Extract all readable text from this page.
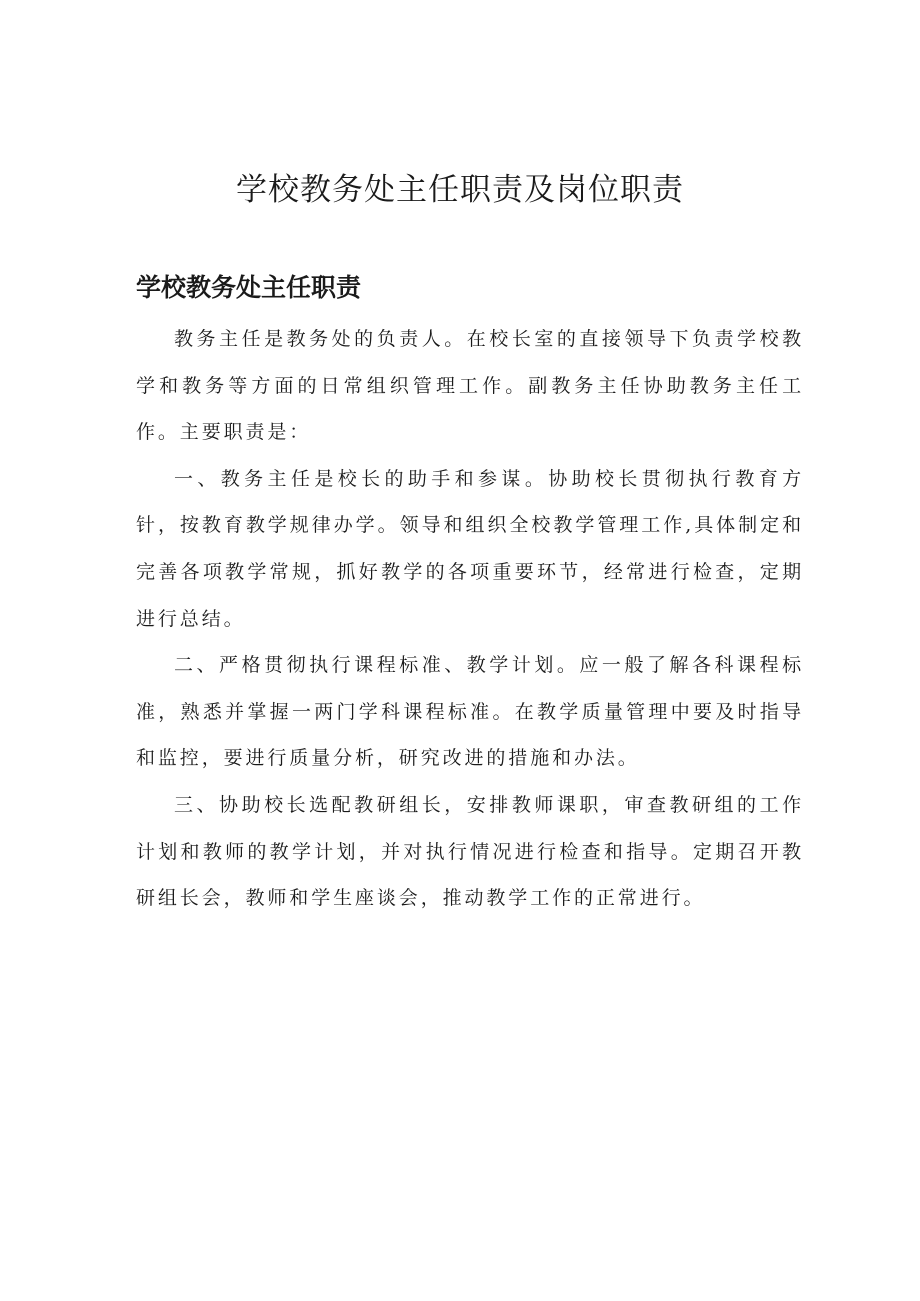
学校教务处主任职责及岗位职责
学校教务处主任职责

教务主任是教务处的负责人。在校长室的直接领导下负责学校教学和教务等方面的日常组织管理工作。副教务主任协助教务主任工作。主要职责是：

一、教务主任是校长的助手和参谋。协助校长贯彻执行教育方针，按教育教学规律办学。领导和组织全校教学管理工作,具体制定和完善各项教学常规，抓好教学的各项重要环节，经常进行检查，定期进行总结。

二、严格贯彻执行课程标准、教学计划。应一般了解各科课程标准，熟悉并掌握一两门学科课程标准。在教学质量管理中要及时指导和监控，要进行质量分析，研究改进的措施和办法。

三、协助校长选配教研组长，安排教师课职，审查教研组的工作计划和教师的教学计划，并对执行情况进行检查和指导。定期召开教研组长会，教师和学生座谈会，推动教学工作的正常进行。
